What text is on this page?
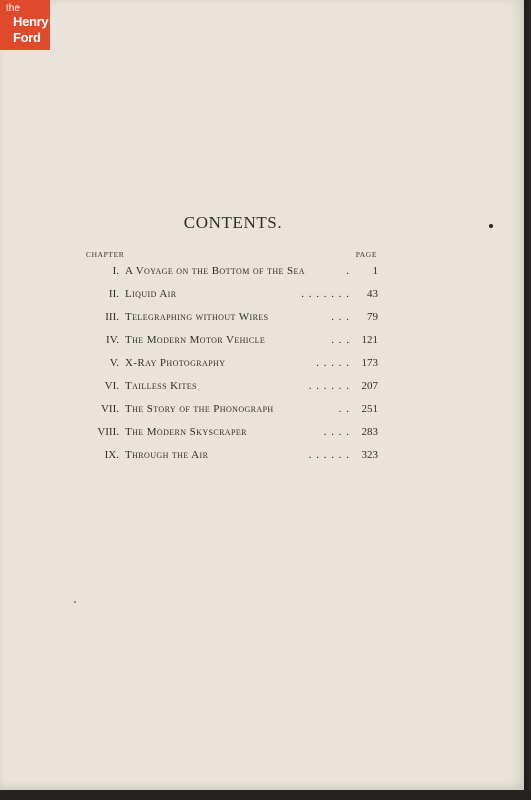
the
Henry
Ford
CONTENTS.
CHAPTER	PAGE
I. A Voyage on the Bottom of the Sea	.	1
II. Liquid Air	. . . . . . .	43
III. Telegraphing without Wires	. . .	79
IV. The Modern Motor Vehicle	. . .	121
V. X-Ray Photography	. . . . .	173
VI. Tailless Kites	. . . . . .	207
VII. The Story of the Phonograph	. .	251
VIII. The Modern Skyscraper	. . . .	283
IX. Through the Air	. . . . . .	323
